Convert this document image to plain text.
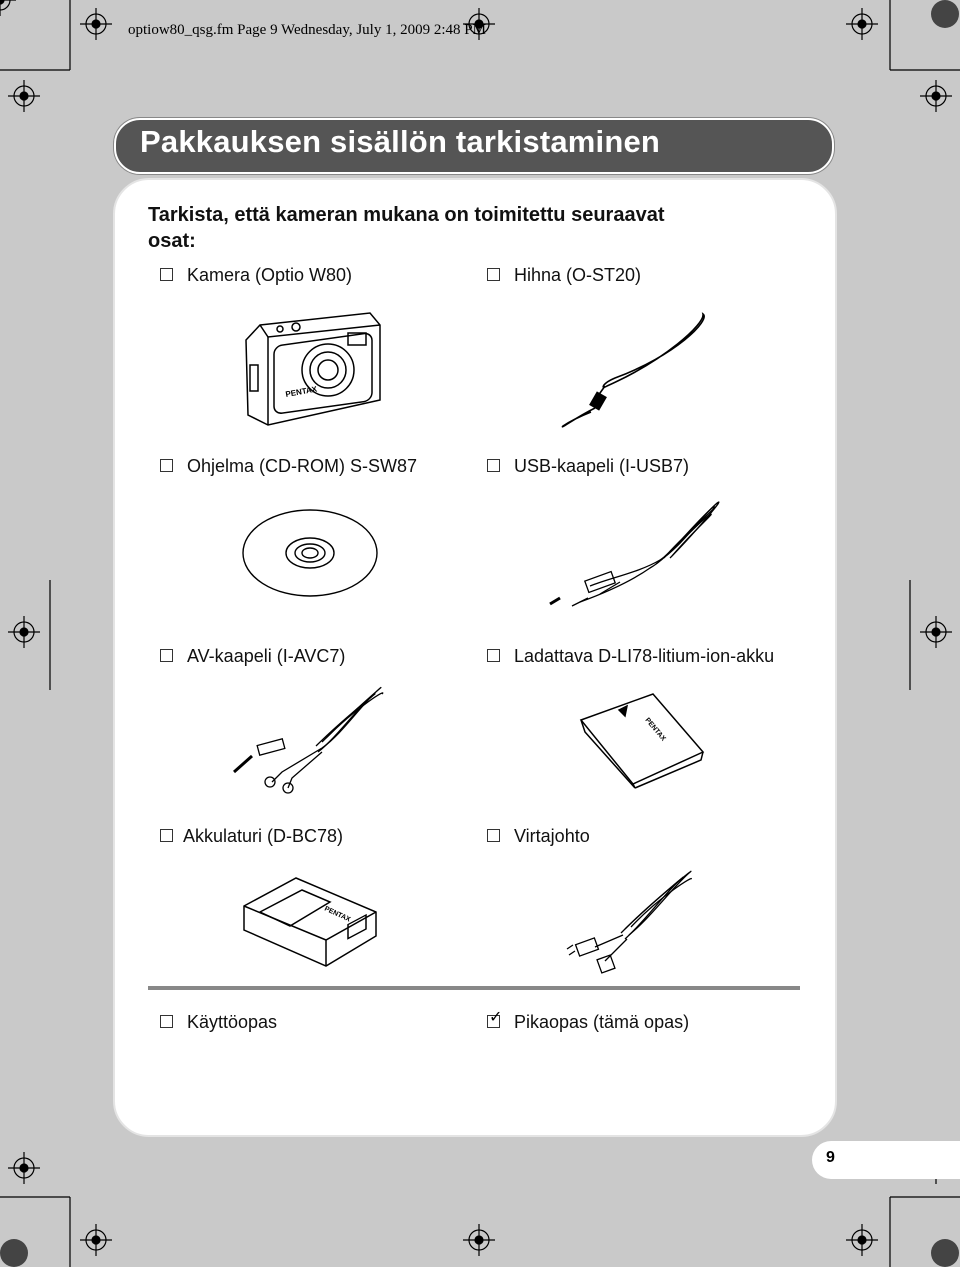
optiow80_qsg.fm Page 9 Wednesday, July 1, 2009 2:48 PM
Pakkauksen sisällön tarkistaminen
Tarkista, että kameran mukana on toimitettu seuraavat osat:
Kamera (Optio W80)	Hihna (O-ST20)
Ohjelma (CD-ROM) S-SW87	USB-kaapeli (I-USB7)
AV-kaapeli (I-AVC7)	Ladattava D-LI78-litium-ion-akku
Akkulaturi (D-BC78)	Virtajohto
Käyttöopas	✓ Pikaopas (tämä opas)
PENTAX
PENTAX
PENTAX
9
